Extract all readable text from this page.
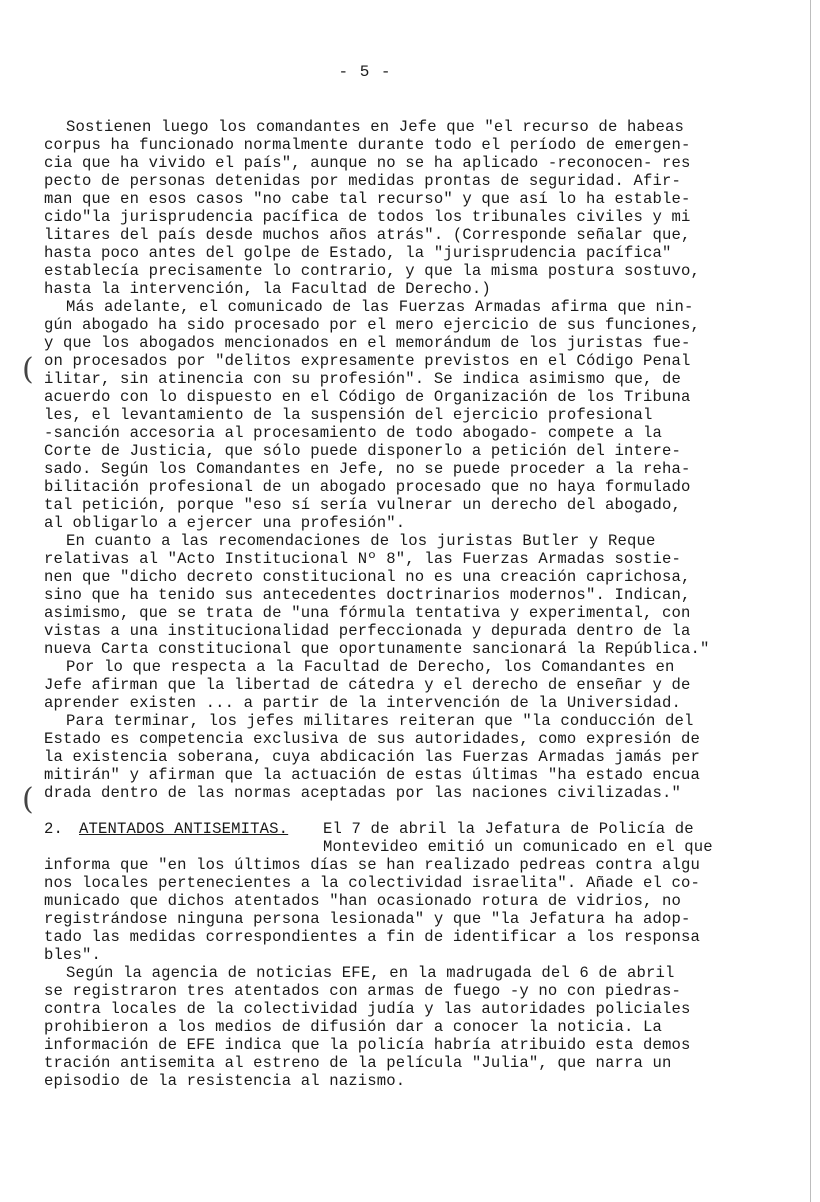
- 5 -
Sostienen luego los comandantes en Jefe que "el recurso de habeas
corpus ha funcionado normalmente durante todo el período de emergen-
cia que ha vivido el país", aunque no se ha aplicado -reconocen- res
pecto de personas detenidas por medidas prontas de seguridad. Afir-
man que en esos casos "no cabe tal recurso" y que así lo ha estable-
cido"la jurisprudencia pacífica de todos los tribunales civiles y mi
litares del país desde muchos años atrás". (Corresponde señalar que,
hasta poco antes del golpe de Estado, la "jurisprudencia pacífica"
establecía precisamente lo contrario, y que la misma postura sostuvo,
hasta la intervención, la Facultad de Derecho.)
Más adelante, el comunicado de las Fuerzas Armadas afirma que nin-
gún abogado ha sido procesado por el mero ejercicio de sus funciones,
y que los abogados mencionados en el memorándum de los juristas fue-
on procesados por "delitos expresamente previstos en el Código Penal
ilitar, sin atinencia con su profesión". Se indica asimismo que, de
acuerdo con lo dispuesto en el Código de Organización de los Tribuna
les, el levantamiento de la suspensión del ejercicio profesional
-sanción accesoria al procesamiento de todo abogado- compete a la
Corte de Justicia, que sólo puede disponerlo a petición del intere-
sado. Según los Comandantes en Jefe, no se puede proceder a la reha-
bilitación profesional de un abogado procesado que no haya formulado
tal petición, porque "eso sí sería vulnerar un derecho del abogado,
al obligarlo a ejercer una profesión".
En cuanto a las recomendaciones de los juristas Butler y Reque
relativas al "Acto Institucional Nº 8", las Fuerzas Armadas sostie-
nen que "dicho decreto constitucional no es una creación caprichosa,
sino que ha tenido sus antecedentes doctrinarios modernos". Indican,
asimismo, que se trata de "una fórmula tentativa y experimental, con
vistas a una institucionalidad perfeccionada y depurada dentro de la
nueva Carta constitucional que oportunamente sancionará la República."
Por lo que respecta a la Facultad de Derecho, los Comandantes en
Jefe afirman que la libertad de cátedra y el derecho de enseñar y de
aprender existen ... a partir de la intervención de la Universidad.
Para terminar, los jefes militares reiteran que "la conducción del
Estado es competencia exclusiva de sus autoridades, como expresión de
la existencia soberana, cuya abdicación las Fuerzas Armadas jamás per
mitirán" y afirman que la actuación de estas últimas "ha estado encua
drada dentro de las normas aceptadas por las naciones civilizadas."
2. ATENTADOS ANTISEMITAS. El 7 de abril la Jefatura de Policía de
Montevideo emitió un comunicado en el que
informa que "en los últimos días se han realizado pedreas contra algu
nos locales pertenecientes a la colectividad israelita". Añade el co-
municado que dichos atentados "han ocasionado rotura de vidrios, no
registrándose ninguna persona lesionada" y que "la Jefatura ha adop-
tado las medidas correspondientes a fin de identificar a los responsa
bles".
Según la agencia de noticias EFE, en la madrugada del 6 de abril
se registraron tres atentados con armas de fuego -y no con piedras-
contra locales de la colectividad judía y las autoridades policiales
prohibieron a los medios de difusión dar a conocer la noticia. La
información de EFE indica que la policía habría atribuido esta demos
tración antisemita al estreno de la película "Julia", que narra un
episodio de la resistencia al nazismo.
(
(
